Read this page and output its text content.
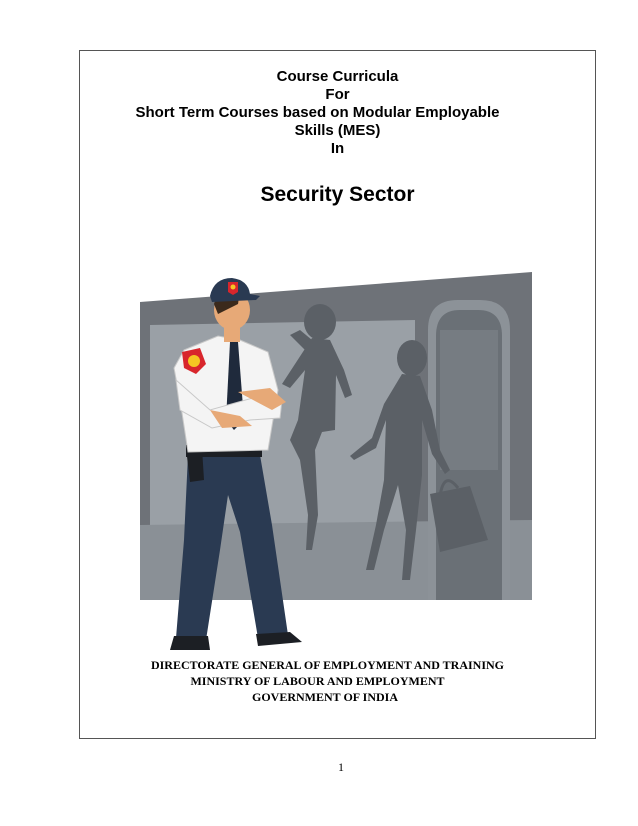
Course Curricula
For
Short Term Courses based on Modular Employable
Skills (MES)
In
Security Sector
DIRECTORATE GENERAL OF EMPLOYMENT AND TRAINING
MINISTRY OF LABOUR AND EMPLOYMENT
GOVERNMENT OF INDIA
1
